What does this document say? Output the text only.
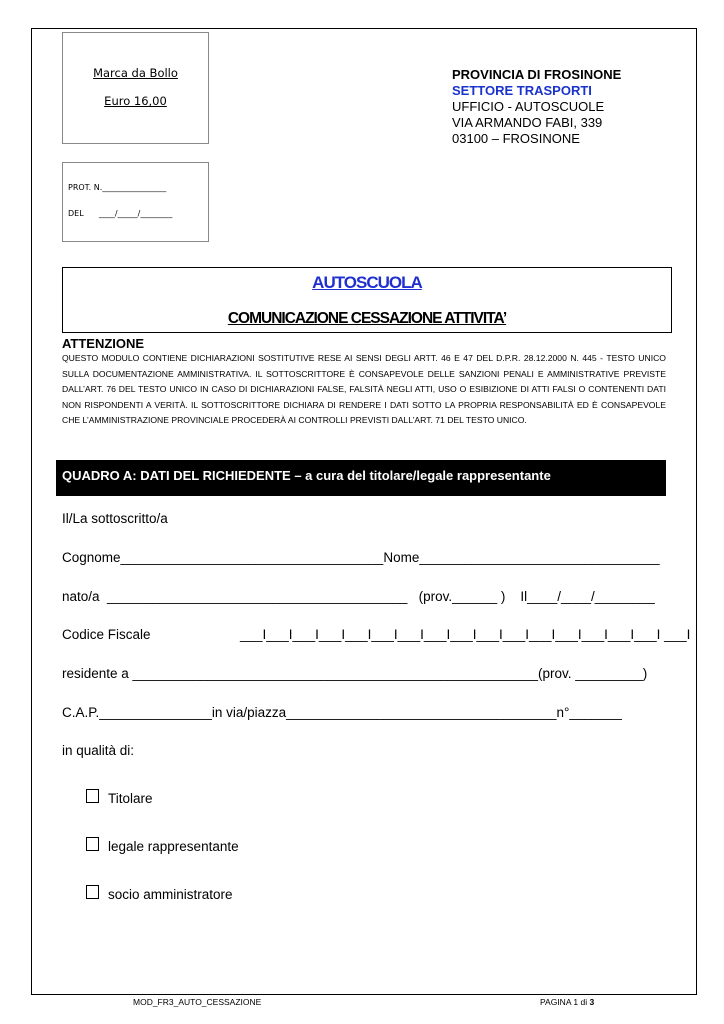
Marca da Bollo
Euro 16,00
PROT. N.________________
DEL      ____/_____/________
PROVINCIA DI FROSINONE
SETTORE TRASPORTI
UFFICIO - AUTOSCUOLE
VIA ARMANDO FABI, 339
03100 – FROSINONE
AUTOSCUOLA
COMUNICAZIONE CESSAZIONE ATTIVITA’
ATTENZIONE
QUESTO MODULO CONTIENE DICHIARAZIONI SOSTITUTIVE RESE AI SENSI DEGLI ARTT. 46 E 47 DEL D.P.R. 28.12.2000 N. 445 - TESTO UNICO SULLA DOCUMENTAZIONE AMMINISTRATIVA. IL SOTTOSCRITTORE È CONSAPEVOLE DELLE SANZIONI PENALI E AMMINISTRATIVE PREVISTE DALL’ART. 76 DEL TESTO UNICO IN CASO DI DICHIARAZIONI FALSE, FALSITÀ NEGLI ATTI, USO O ESIBIZIONE DI ATTI FALSI O CONTENENTI DATI NON RISPONDENTI A VERITÀ. IL SOTTOSCRITTORE DICHIARA DI RENDERE I DATI SOTTO LA PROPRIA RESPONSABILITÀ ED È CONSAPEVOLE CHE L’AMMINISTRAZIONE PROVINCIALE PROCEDERÀ AI CONTROLLI PREVISTI DALL’ART. 71 DEL TESTO UNICO.
QUADRO A: DATI DEL RICHIEDENTE – a cura del titolare/legale rappresentante
Il/La sottoscritto/a
Cognome___________________________________Nome________________________________
nato/a  ________________________________________   (prov.______ )    Il____/____/________
Codice Fiscale	___I___I___I___I___I___I___I___I___I___I___I___I___I___I___I___I ___I
residente a ______________________________________________________(prov. _________)
C.A.P._______________in via/piazza____________________________________n°_______
in qualità di:
Titolare
legale rappresentante
socio amministratore
MOD_FR3_AUTO_CESSAZIONE	PAGINA 1 di 3
